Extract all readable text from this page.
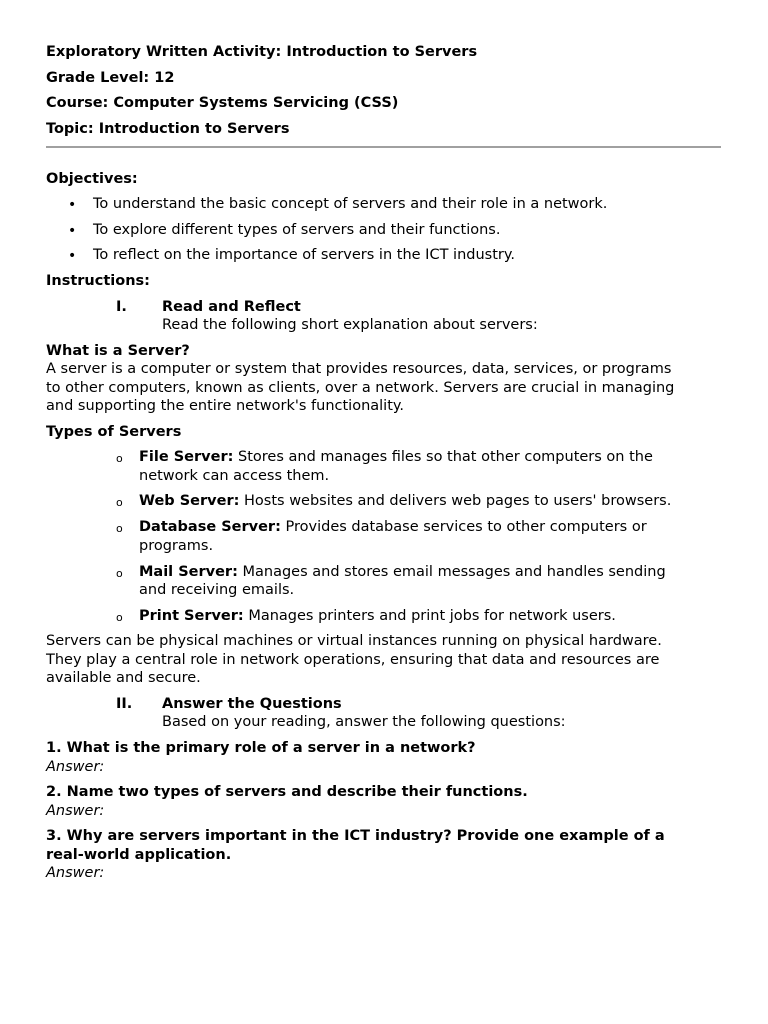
Exploratory Written Activity: Introduction to Servers

Grade Level: 12

Course: Computer Systems Servicing (CSS)

Topic: Introduction to Servers

Objectives:

• To understand the basic concept of servers and their role in a network.

• To explore different types of servers and their functions.

• To reflect on the importance of servers in the ICT industry.

Instructions:

I. Read and Reflect

Read the following short explanation about servers:

What is a Server?

A server is a computer or system that provides resources, data, services, or programs

to other computers, known as clients, over a network. Servers are crucial in managing

and supporting the entire network's functionality.

Types of Servers

o File Server: Stores and manages files so that other computers on the

network can access them.

o Web Server: Hosts websites and delivers web pages to users' browsers.

o Database Server: Provides database services to other computers or

programs.

o Mail Server: Manages and stores email messages and handles sending

and receiving emails.

o Print Server: Manages printers and print jobs for network users.

Servers can be physical machines or virtual instances running on physical hardware.

They play a central role in network operations, ensuring that data and resources are

available and secure.

II. Answer the Questions

Based on your reading, answer the following questions:

1. What is the primary role of a server in a network?

Answer:

2. Name two types of servers and describe their functions.

Answer:

3. Why are servers important in the ICT industry? Provide one example of a

real-world application.

Answer:
